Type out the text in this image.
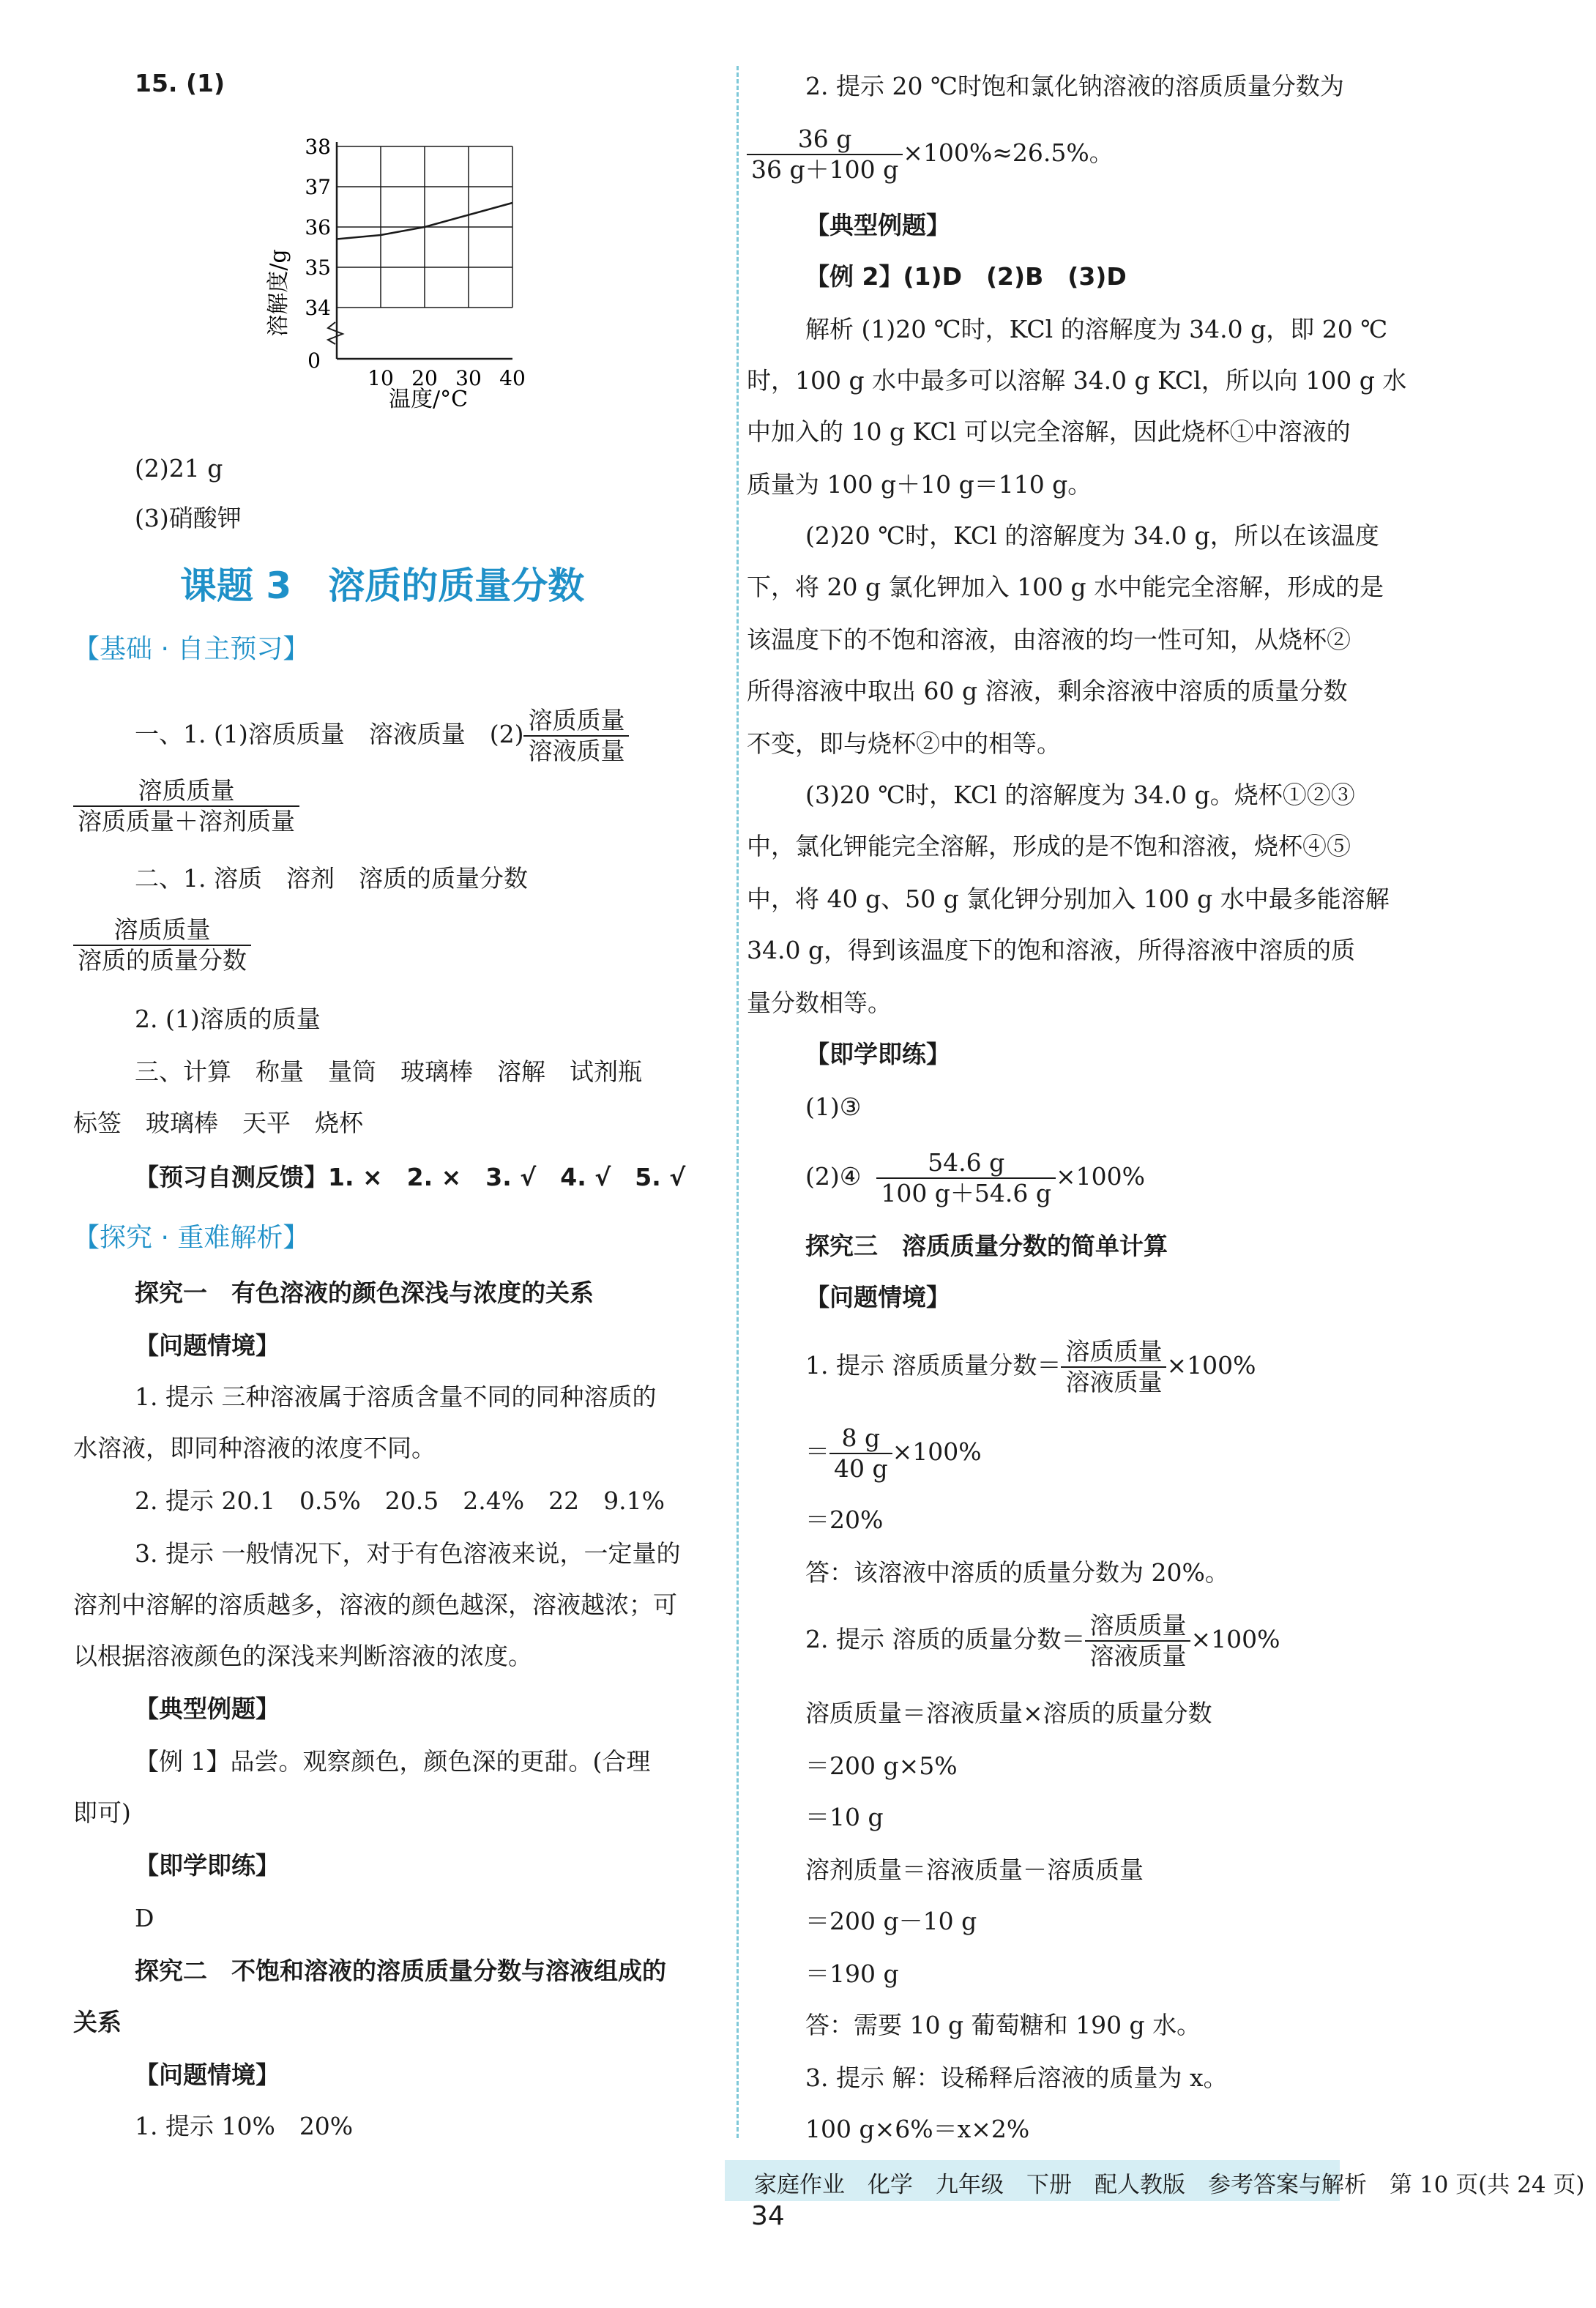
15. (1)
34
35
36
37
38
10 20 30 40
溶解度/g
温度/°C
0
(2)21 g
(3)硝酸钾
课题 3　溶质的质量分数
【基础 · 自主预习】
一、1. (1)溶质质量　溶液质量　$(2) \frac{\text{溶质质量}}{\text{溶液质量}}$
$\frac{\text{溶质质量}}{\text{溶质质量＋溶剂质量}}$
二、1. 溶质　溶剂　溶质的质量分数
$\frac{\text{溶质质量}}{\text{溶质的质量分数}}$
2. (1)溶质的质量
三、计算　称量　量筒　玻璃棒　溶解　试剂瓶
标签　玻璃棒　天平　烧杯
【预习自测反馈】1. ×　2. ×　3. √　4. √　5. √
【探究 · 重难解析】
探究一　有色溶液的颜色深浅与浓度的关系
【问题情境】
1. 提示 三种溶液属于溶质含量不同的同种溶质的
水溶液，即同种溶液的浓度不同。
2. 提示 20.1　0.5%　20.5　2.4%　22　9.1%
3. 提示 一般情况下，对于有色溶液来说，一定量的
溶剂中溶解的溶质越多，溶液的颜色越深，溶液越浓；可
以根据溶液颜色的深浅来判断溶液的浓度。
【典型例题】
【例 1】品尝。观察颜色，颜色深的更甜。(合理
即可)
【即学即练】
D
探究二　不饱和溶液的溶质质量分数与溶液组成的
关系
【问题情境】
1. 提示 10%　20%
2. 提示 20 ℃时饱和氯化钠溶液的溶质质量分数为
$\frac{36 g}{36 g+100 g} \times 100\%\approx 26.5\%$。
【典型例题】
【例 2】(1)D　(2)B　(3)D
解析 (1)20 ℃时，KCl 的溶解度为 34.0 g，即 20 ℃
时，100 g 水中最多可以溶解 34.0 g KCl，所以向 100 g 水
中加入的 10 g KCl 可以完全溶解，因此烧杯①中溶液的
质量为 100 g＋10 g＝110 g。
(2)20 ℃时，KCl 的溶解度为 34.0 g，所以在该温度
下，将 20 g 氯化钾加入 100 g 水中能完全溶解，形成的是
该温度下的不饱和溶液，由溶液的均一性可知，从烧杯②
所得溶液中取出 60 g 溶液，剩余溶液中溶质的质量分数
不变，即与烧杯②中的相等。
(3)20 ℃时，KCl 的溶解度为 34.0 g。烧杯①②③
中，氯化钾能完全溶解，形成的是不饱和溶液，烧杯④⑤
中，将 40 g、50 g 氯化钾分别加入 100 g 水中最多能溶解
34.0 g，得到该温度下的饱和溶液，所得溶液中溶质的质
量分数相等。
【即学即练】
(1)③
(2)④ $\frac{54.6 g}{100 g+54.6 g} \times 100\%$
探究三　溶质质量分数的简单计算
【问题情境】
1. 提示 溶质质量分数＝ $\frac{\text{溶质质量}}{\text{溶液质量}} \times 100\%$
＝ $\frac{8 g}{40 g} \times 100\%$
＝20%
答：该溶液中溶质的质量分数为 20%。
2. 提示 溶质的质量分数＝ $\frac{\text{溶质质量}}{\text{溶液质量}} \times 100\%$
溶质质量＝溶液质量×溶质的质量分数
＝200 g×5%
＝10 g
溶剂质量＝溶液质量－溶质质量
＝200 g－10 g
＝190 g
答：需要 10 g 葡萄糖和 190 g 水。
3. 提示 解：设稀释后溶液的质量为 x。
100 g×6%＝x×2%
家庭作业　化学　九年级　下册　配人教版　参考答案与解析　第 10 页(共 24 页)
34
